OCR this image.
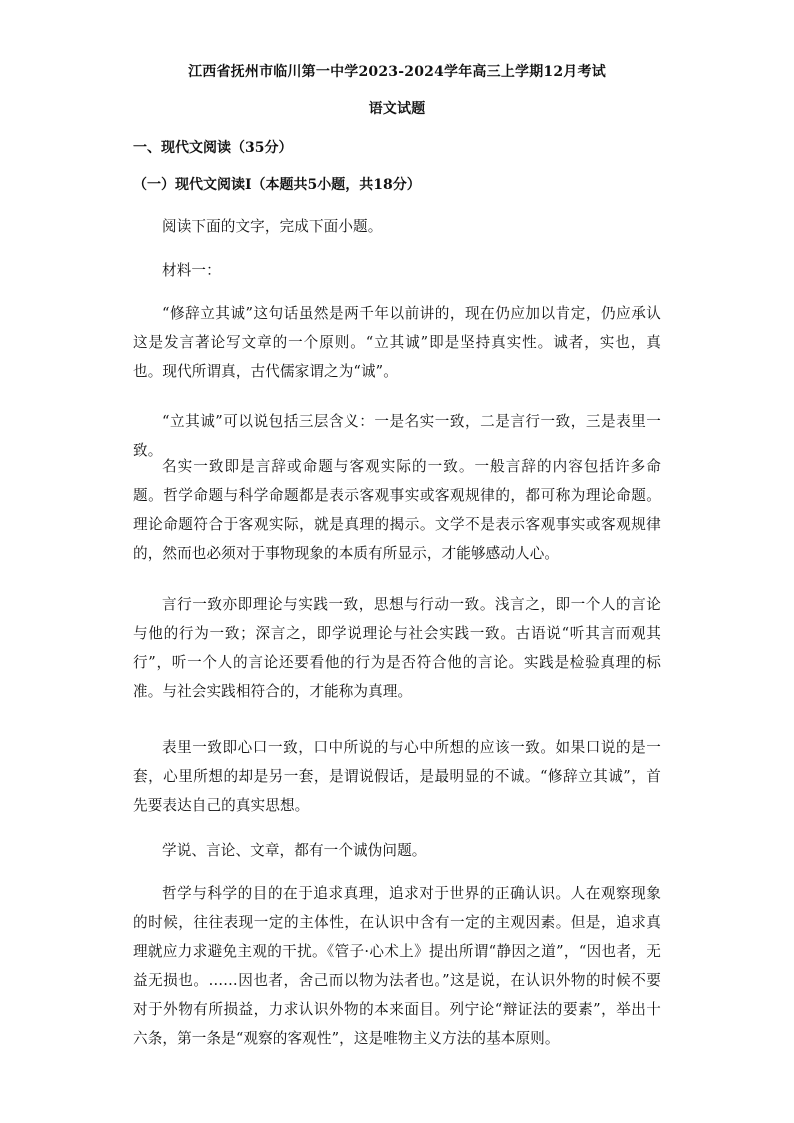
江西省抚州市临川第一中学2023-2024学年高三上学期12月考试
语文试题
一、现代文阅读（35分）
（一）现代文阅读Ⅰ（本题共5小题，共18分）
阅读下面的文字，完成下面小题。
材料一：
“修辞立其诚”这句话虽然是两千年以前讲的，现在仍应加以肯定，仍应承认这是发言著论写文章的一个原则。“立其诚”即是坚持真实性。诚者，实也，真也。现代所谓真，古代儒家谓之为“诚”。
“立其诚”可以说包括三层含义：一是名实一致，二是言行一致，三是表里一致。
名实一致即是言辞或命题与客观实际的一致。一般言辞的内容包括许多命题。哲学命题与科学命题都是表示客观事实或客观规律的，都可称为理论命题。理论命题符合于客观实际，就是真理的揭示。文学不是表示客观事实或客观规律的，然而也必须对于事物现象的本质有所显示，才能够感动人心。
言行一致亦即理论与实践一致，思想与行动一致。浅言之，即一个人的言论与他的行为一致；深言之，即学说理论与社会实践一致。古语说“听其言而观其行”，听一个人的言论还要看他的行为是否符合他的言论。实践是检验真理的标准。与社会实践相符合的，才能称为真理。
表里一致即心口一致，口中所说的与心中所想的应该一致。如果口说的是一套，心里所想的却是另一套，是谓说假话，是最明显的不诚。“修辞立其诚”，首先要表达自己的真实思想。
学说、言论、文章，都有一个诚伪问题。
哲学与科学的目的在于追求真理，追求对于世界的正确认识。人在观察现象的时候，往往表现一定的主体性，在认识中含有一定的主观因素。但是，追求真理就应力求避免主观的干扰。《管子·心术上》提出所谓“静因之道”，“因也者，无益无损也。……因也者，舍己而以物为法者也。”这是说，在认识外物的时候不要对于外物有所损益，力求认识外物的本来面目。列宁论“辩证法的要素”，举出十六条，第一条是“观察的客观性”，这是唯物主义方法的基本原则。
